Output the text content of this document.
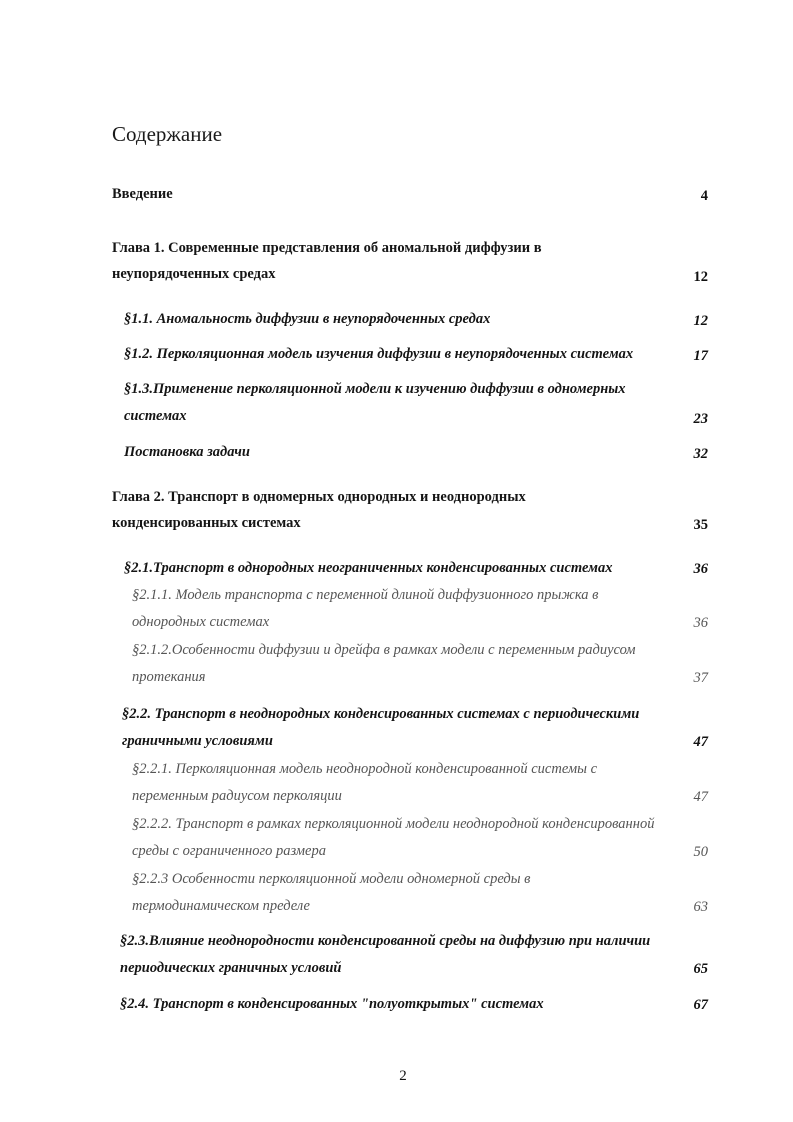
Содержание
Введение	4
Глава 1. Современные представления об аномальной диффузии в
неупорядоченных средах	12
§1.1. Аномальность диффузии в неупорядоченных средах	12
§1.2. Перколяционная модель изучения диффузии в неупорядоченных системах	17
§1.3.Применение перколяционной модели к изучению диффузии в одномерных
системах	23
Постановка задачи	32
Глава 2. Транспорт в одномерных однородных и неоднородных
конденсированных системах	35
§2.1.Транспорт в однородных неограниченных конденсированных системах	36
§2.1.1. Модель транспорта с переменной длиной диффузионного прыжка в
однородных системах	36
§2.1.2.Особенности диффузии и дрейфа в рамках модели с переменным радиусом
протекания	37
§2.2. Транспорт в неоднородных конденсированных системах с периодическими
граничными условиями	47
§2.2.1. Перколяционная модель неоднородной конденсированной системы с
переменным радиусом перколяции	47
§2.2.2. Транспорт в рамках перколяционной модели неоднородной конденсированной
среды с ограниченного размера	50
§2.2.3 Особенности перколяционной модели одномерной среды в
термодинамическом пределе	63
§2.3.Влияние неоднородности конденсированной среды на диффузию при наличии
периодических граничных условий	65
§2.4. Транспорт в конденсированных "полуоткрытых" системах	67
2
